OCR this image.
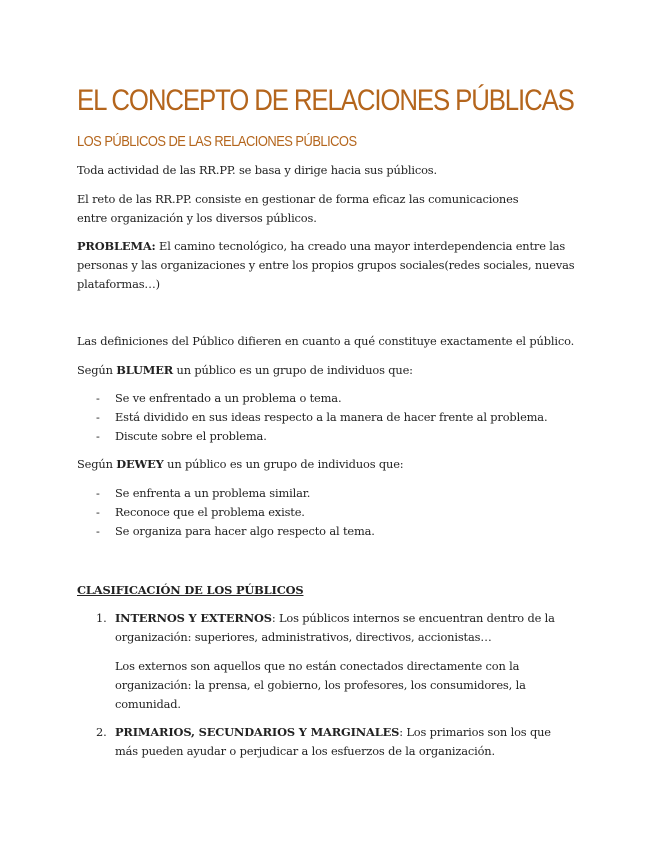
EL CONCEPTO DE RELACIONES PÚBLICAS
LOS PÚBLICOS DE LAS RELACIONES PÚBLICOS

Toda actividad de las RR.PP. se basa y dirige hacia sus públicos.

El reto de las RR.PP. consiste en gestionar de forma eficaz las comunicaciones entre organización y los diversos públicos.

PROBLEMA: El camino tecnológico, ha creado una mayor interdependencia entre las personas y las organizaciones y entre los propios grupos sociales(redes sociales, nuevas plataformas…)

Las definiciones del Público difieren en cuanto a qué constituye exactamente el público.

Según BLUMER un público es un grupo de individuos que:

- Se ve enfrentado a un problema o tema.
- Está dividido en sus ideas respecto a la manera de hacer frente al problema.
- Discute sobre el problema.

Según DEWEY un público es un grupo de individuos que:

- Se enfrenta a un problema similar.
- Reconoce que el problema existe.
- Se organiza para hacer algo respecto al tema.

CLASIFICACIÓN DE LOS PÚBLICOS

1. INTERNOS Y EXTERNOS: Los públicos internos se encuentran dentro de la organización: superiores, administrativos, directivos, accionistas…
Los externos son aquellos que no están conectados directamente con la organización: la prensa, el gobierno, los profesores, los consumidores, la comunidad.
2. PRIMARIOS, SECUNDARIOS Y MARGINALES: Los primarios son los que más pueden ayudar o perjudicar a los esfuerzos de la organización.
